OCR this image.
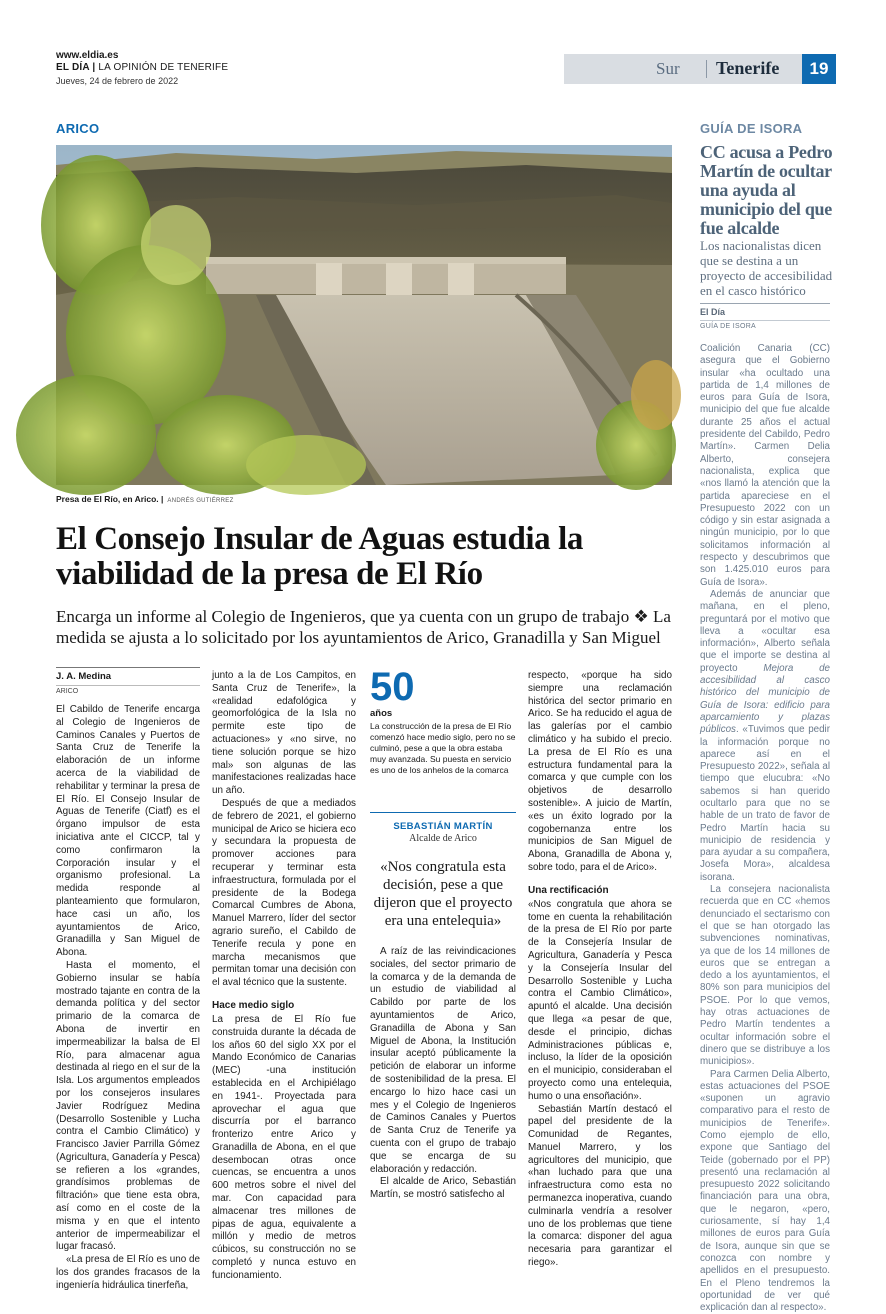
www.eldia.es
EL DÍA | LA OPINIÓN DE TENERIFE
Jueves, 24 de febrero de 2022
Sur Tenerife	19
ARICO
Presa de El Río, en Arico. | ANDRÉS GUTIÉRREZ
El Consejo Insular de Aguas estudia la viabilidad de la presa de El Río
Encarga un informe al Colegio de Ingenieros, que ya cuenta con un grupo de trabajo ❖ La medida se ajusta a lo solicitado por los ayuntamientos de Arico, Granadilla y San Miguel
J. A. Medina
ARICO

El Cabildo de Tenerife encarga al Colegio de Ingenieros de Caminos Canales y Puertos de Santa Cruz de Tenerife la elaboración de un informe acerca de la viabilidad de rehabilitar y terminar la presa de El Río. El Consejo Insular de Aguas de Tenerife (Ciatf) es el órgano impulsor de esta iniciativa ante el CICCP, tal y como confirmaron la Corporación insular y el organismo profesional. La medida responde al planteamiento que formularon, hace casi un año, los ayuntamientos de Arico, Granadilla y San Miguel de Abona.

Hasta el momento, el Gobierno insular se había mostrado tajante en contra de la demanda política y del sector primario de la comarca de Abona de invertir en impermeabilizar la balsa de El Río, para almacenar agua destinada al riego en el sur de la Isla. Los argumentos empleados por los consejeros insulares Javier Rodríguez Medina (Desarrollo Sostenible y Lucha contra el Cambio Climático) y Francisco Javier Parrilla Gómez (Agricultura, Ganadería y Pesca) se refieren a los «grandes, grandísimos problemas de filtración» que tiene esta obra, así como en el coste de la misma y en que el intento anterior de impermeabilizar el lugar fracasó.

«La presa de El Río es uno de los dos grandes fracasos de la ingeniería hidráulica tinerfeña,

junto a la de Los Campitos, en Santa Cruz de Tenerife», la «realidad edafológica y geomorfológica de la Isla no permite este tipo de actuaciones» y «no sirve, no tiene solución porque se hizo mal» son algunas de las manifestaciones realizadas hace un año.

Después de que a mediados de febrero de 2021, el gobierno municipal de Arico se hiciera eco y secundara la propuesta de promover acciones para recuperar y terminar esta infraestructura, formulada por el presidente de la Bodega Comarcal Cumbres de Abona, Manuel Marrero, líder del sector agrario sureño, el Cabildo de Tenerife recula y pone en marcha mecanismos que permitan tomar una decisión con el aval técnico que la sustente.

Hace medio siglo

La presa de El Río fue construida durante la década de los años 60 del siglo XX por el Mando Económico de Canarias (MEC) -una institución establecida en el Archipiélago en 1941-. Proyectada para aprovechar el agua que discurría por el barranco fronterizo entre Arico y Granadilla de Abona, en el que desembocan otras once cuencas, se encuentra a unos 600 metros sobre el nivel del mar. Con capacidad para almacenar tres millones de pipas de agua, equivalente a millón y medio de metros cúbicos, su construcción no se completó y nunca estuvo en funcionamiento.

50
años
La construcción de la presa de El Río comenzó hace medio siglo, pero no se culminó, pese a que la obra estaba muy avanzada. Su puesta en servicio es uno de los anhelos de la comarca
SEBASTIÁN MARTÍN
Alcalde de Arico
«Nos congratula esta decisión, pese a que dijeron que el proyecto era una entelequia»

A raíz de las reivindicaciones sociales, del sector primario de la comarca y de la demanda de un estudio de viabilidad al Cabildo por parte de los ayuntamientos de Arico, Granadilla de Abona y San Miguel de Abona, la Institución insular aceptó públicamente la petición de elaborar un informe de sostenibilidad de la presa. El encargo lo hizo hace casi un mes y el Colegio de Ingenieros de Caminos Canales y Puertos de Santa Cruz de Tenerife ya cuenta con el grupo de trabajo que se encarga de su elaboración y redacción.

El alcalde de Arico, Sebastián Martín, se mostró satisfecho al

respecto, «porque ha sido siempre una reclamación histórica del sector primario en Arico. Se ha reducido el agua de las galerías por el cambio climático y ha subido el precio. La presa de El Río es una estructura fundamental para la comarca y que cumple con los objetivos de desarrollo sostenible». A juicio de Martín, «es un éxito logrado por la cogobernanza entre los municipios de San Miguel de Abona, Granadilla de Abona y, sobre todo, para el de Arico».

Una rectificación

«Nos congratula que ahora se tome en cuenta la rehabilitación de la presa de El Río por parte de la Consejería Insular de Agricultura, Ganadería y Pesca y la Consejería Insular del Desarrollo Sostenible y Lucha contra el Cambio Climático», apuntó el alcalde. Una decisión que llega «a pesar de que, desde el principio, dichas Administraciones públicas e, incluso, la líder de la oposición en el municipio, consideraban el proyecto como una entelequia, humo o una ensoñación».

Sebastián Martín destacó el papel del presidente de la Comunidad de Regantes, Manuel Marrero, y los agricultores del municipio, que «han luchado para que una infraestructura como esta no permanezca inoperativa, cuando culminarla vendría a resolver uno de los problemas que tiene la comarca: disponer del agua necesaria para garantizar el riego».

GUÍA DE ISORA
CC acusa a Pedro Martín de ocultar una ayuda al municipio del que fue alcalde
Los nacionalistas dicen que se destina a un proyecto de accesibilidad en el casco histórico
El Día
GUÍA DE ISORA

Coalición Canaria (CC) asegura que el Gobierno insular «ha ocultado una partida de 1,4 millones de euros para Guía de Isora, municipio del que fue alcalde durante 25 años el actual presidente del Cabildo, Pedro Martín». Carmen Delia Alberto, consejera nacionalista, explica que «nos llamó la atención que la partida apareciese en el Presupuesto 2022 con un código y sin estar asignada a ningún municipio, por lo que solicitamos información al respecto y descubrimos que son 1.425.010 euros para Guía de Isora».

Además de anunciar que mañana, en el pleno, preguntará por el motivo que lleva a «ocultar esa información», Alberto señala que el importe se destina al proyecto Mejora de accesibilidad al casco histórico del municipio de Guía de Isora: edificio para aparcamiento y plazas públicos. «Tuvimos que pedir la información porque no aparece así en el Presupuesto 2022», señala al tiempo que elucubra: «No sabemos si han querido ocultarlo para que no se hable de un trato de favor de Pedro Martín hacia su municipio de residencia y para ayudar a su compañera, Josefa Mora», alcaldesa isorana.

La consejera nacionalista recuerda que en CC «hemos denunciado el sectarismo con el que se han otorgado las subvenciones nominativas, ya que de los 14 millones de euros que se entregan a dedo a los ayuntamientos, el 80% son para municipios del PSOE. Por lo que vemos, hay otras actuaciones de Pedro Martín tendentes a ocultar información sobre el dinero que se distribuye a los municipios».

Para Carmen Delia Alberto, estas actuaciones del PSOE «suponen un agravio comparativo para el resto de municipios de Tenerife». Como ejemplo de ello, expone que Santiago del Teide (gobernado por el PP) presentó una reclamación al presupuesto 2022 solicitando financiación para una obra, que le negaron, «pero, curiosamente, sí hay 1,4 millones de euros para Guía de Isora, aunque sin que se conozca con nombre y apellidos en el presupuesto. En el Pleno tendremos la oportunidad de ver qué explicación dan al respecto».
